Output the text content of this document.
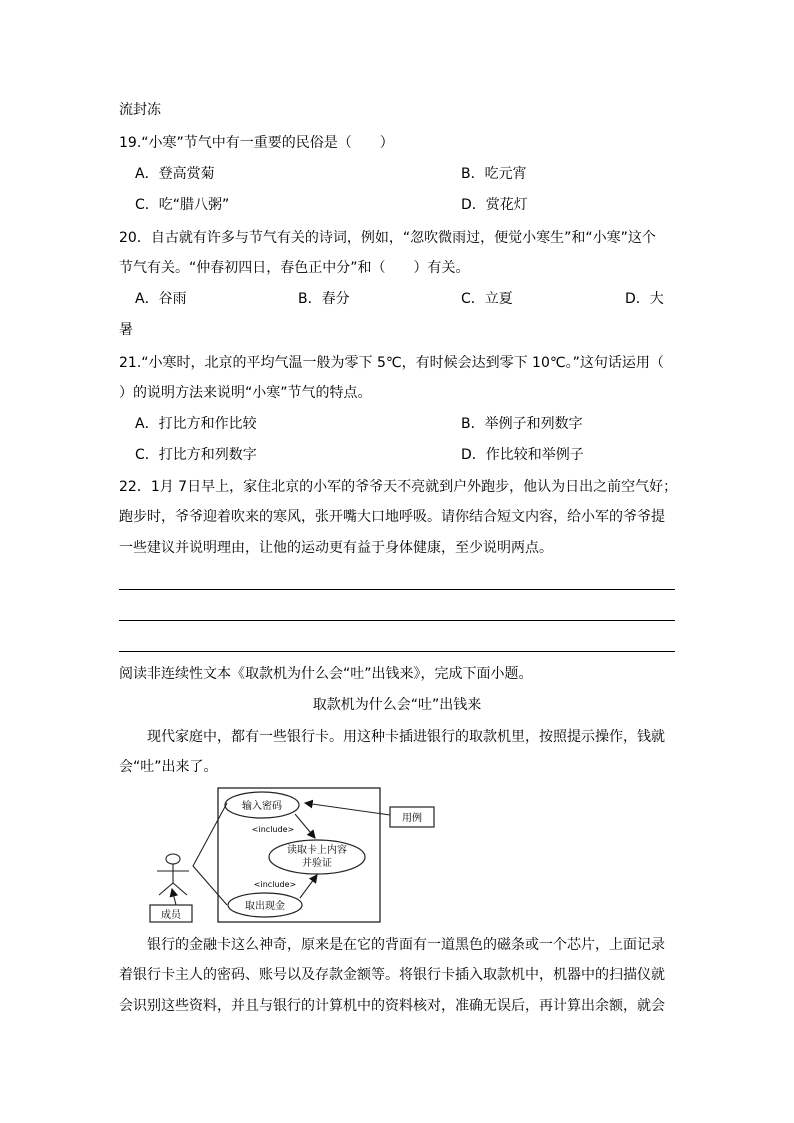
流封冻
19.“小寒”节气中有一重要的民俗是（　　）
A．登高赏菊	B．吃元宵
C．吃“腊八粥”	D．赏花灯
20．自古就有许多与节气有关的诗词，例如，“忽吹微雨过，便觉小寒生”和“小寒”这个
节气有关。“仲春初四日，春色正中分”和（　　）有关。
A．谷雨	B．春分	C．立夏	D．大
暑
21.“小寒时，北京的平均气温一般为零下 5℃，有时候会达到零下 10℃。”这句话运用（
）的说明方法来说明“小寒”节气的特点。
A．打比方和作比较	B．举例子和列数字
C．打比方和列数字	D．作比较和举例子
22．1月 7日早上，家住北京的小军的爷爷天不亮就到户外跑步，他认为日出之前空气好；
跑步时，爷爷迎着吹来的寒风，张开嘴大口地呼吸。请你结合短文内容，给小军的爷爷提
一些建议并说明理由，让他的运动更有益于身体健康，至少说明两点。
阅读非连续性文本《取款机为什么会“吐”出钱来》，完成下面小题。
取款机为什么会“吐”出钱来
　　现代家庭中，都有一些银行卡。用这种卡插进银行的取款机里，按照提示操作，钱就
会“吐”出来了。
输入密码
读取卡上内容
并验证
取出现金
<include>
<include>
用例
成员
　　银行的金融卡这么神奇，原来是在它的背面有一道黑色的磁条或一个芯片，上面记录
着银行卡主人的密码、账号以及存款金额等。将银行卡插入取款机中，机器中的扫描仪就
会识别这些资料，并且与银行的计算机中的资料核对，准确无误后，再计算出余额，就会
